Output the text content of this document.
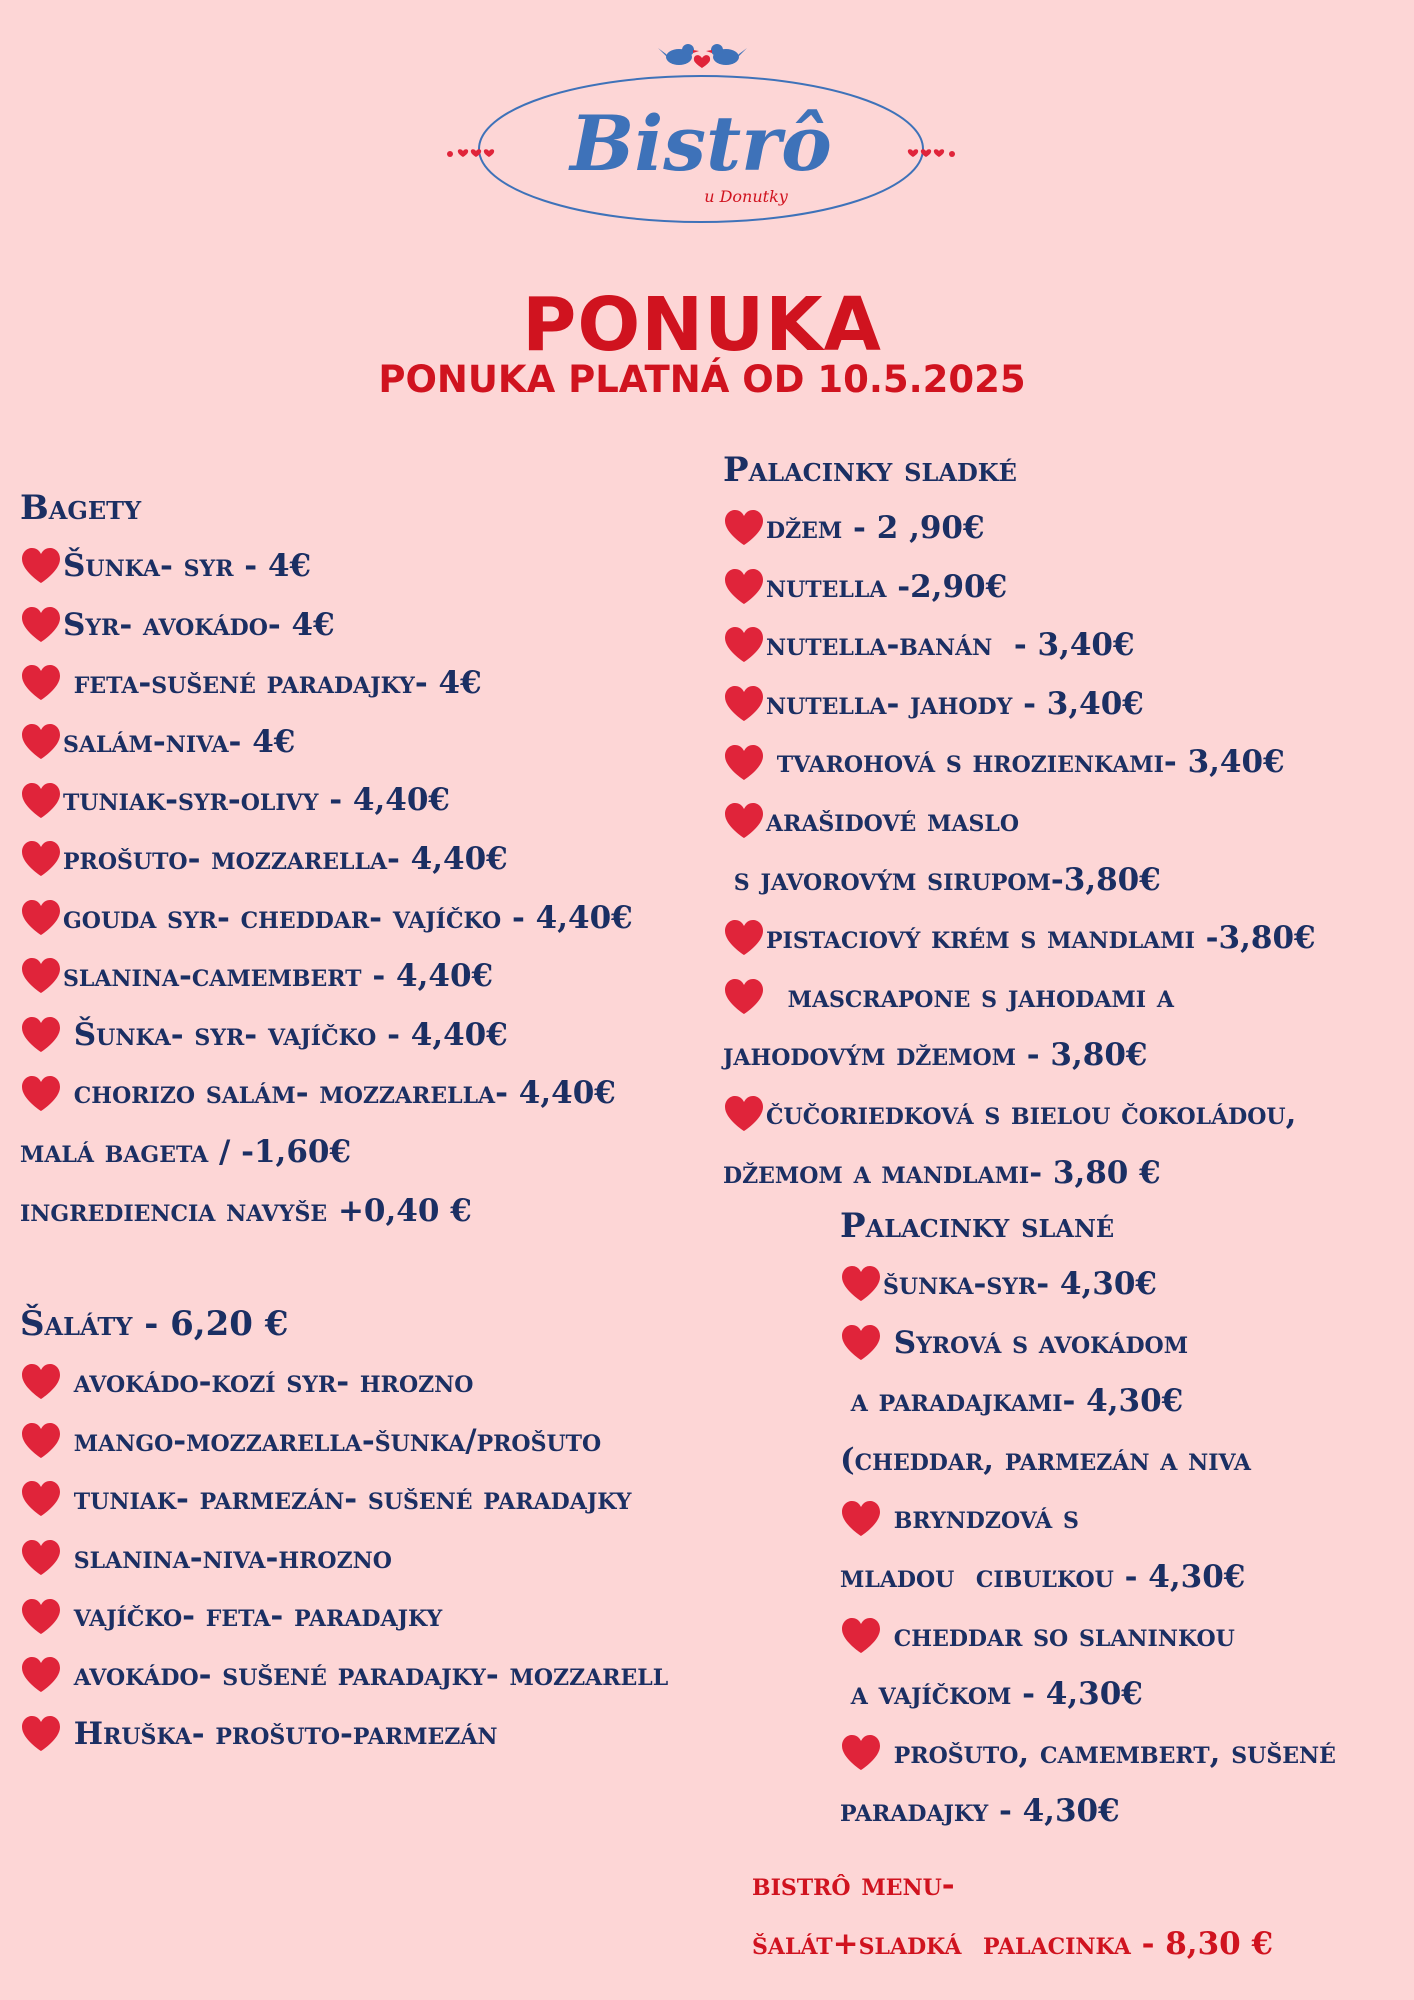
Bistrô
u Donutky
PONUKA
PONUKA PLATNÁ OD 10.5.2025
Bagety
Šunka- syr - 4€
Syr- avokádo- 4€
feta-sušené paradajky- 4€
salám-niva- 4€
tuniak-syr-olivy - 4,40€
prošuto- mozzarella- 4,40€
gouda syr- cheddar- vajíčko - 4,40€
slanina-camembert - 4,40€
Šunka- syr- vajíčko - 4,40€
chorizo salám- mozzarella- 4,40€
malá bageta / -1,60€
ingrediencia navyše +0,40 €
Šaláty - 6,20 €
avokádo-kozí syr- hrozno
mango-mozzarella-šunka/prošuto
tuniak- parmezán- sušené paradajky
slanina-niva-hrozno
vajíčko- feta- paradajky
avokádo- sušené paradajky- mozzarell
Hruška- prošuto-parmezán
Palacinky sladké
džem - 2 ,90€
nutella -2,90€
nutella-banán  - 3,40€
nutella- jahody - 3,40€
tvarohová s hrozienkami- 3,40€
arašidové maslo
s javorovým sirupom-3,80€
pistaciový krém s mandlami -3,80€
mascrapone s jahodami a
jahodovým džemom - 3,80€
čučoriedková s bielou čokoládou,
džemom a mandlami- 3,80 €
Palacinky slané
šunka-syr- 4,30€
Syrová s avokádom
a paradajkami- 4,30€
(cheddar, parmezán a niva
bryndzová s
mladou  cibuľkou - 4,30€
cheddar so slaninkou
a vajíčkom - 4,30€
prošuto, camembert, sušené
paradajky - 4,30€
bistrô menu-
šalát+sladká  palacinka - 8,30 €
